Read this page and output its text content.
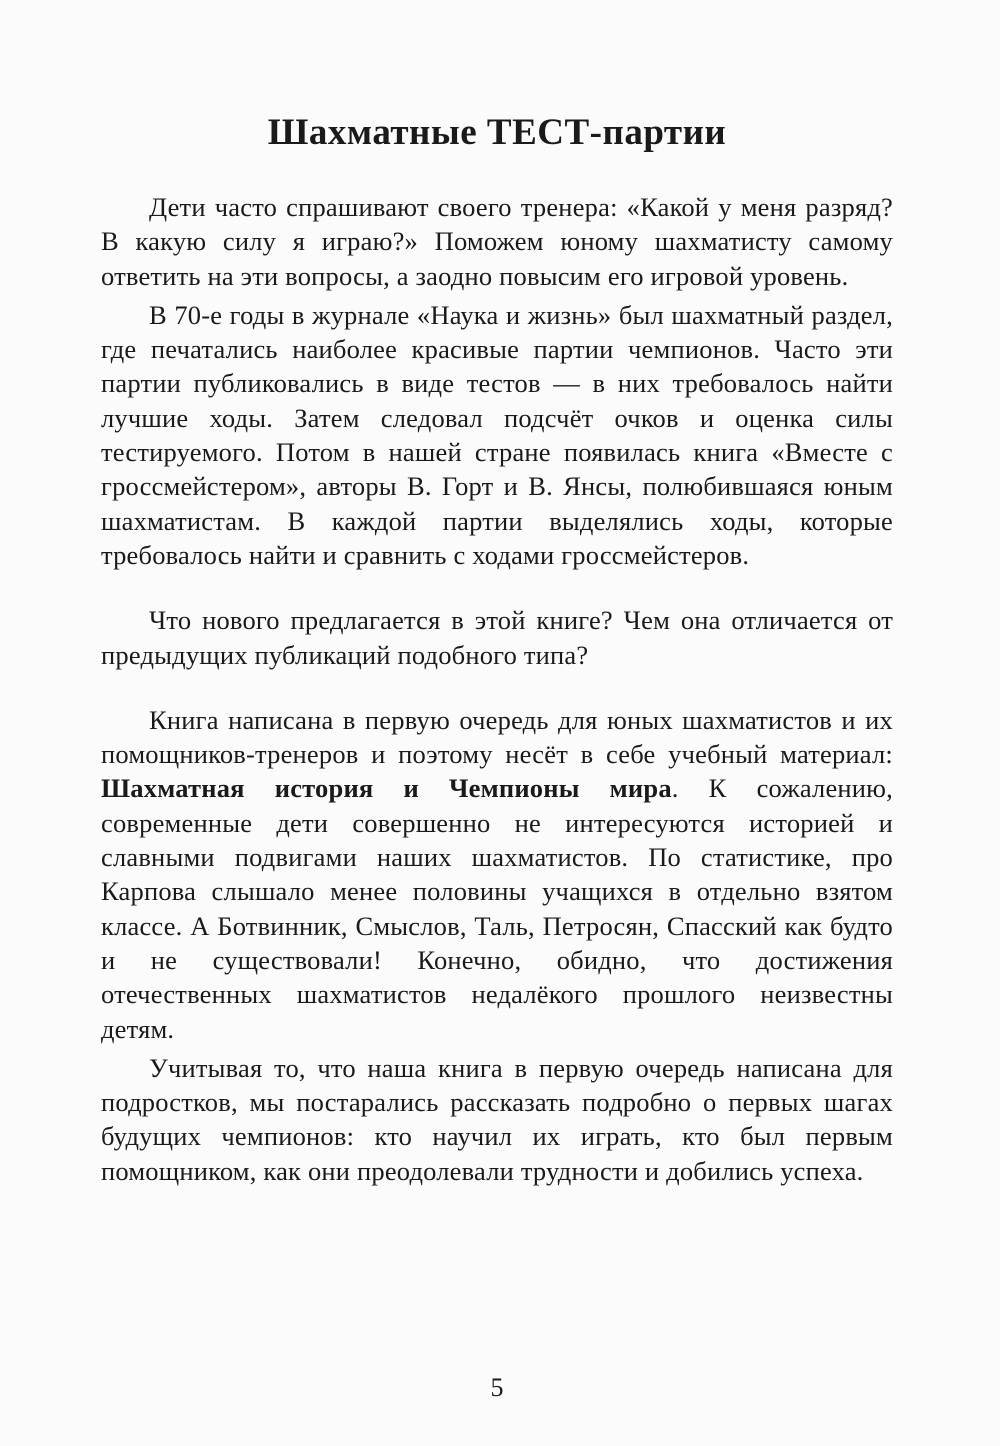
Шахматные ТЕСТ-партии

Дети часто спрашивают своего тренера: «Какой у меня разряд? В какую силу я играю?» Поможем юному шахматисту самому ответить на эти вопросы, а заодно повысим его игровой уровень.

В 70-е годы в журнале «Наука и жизнь» был шахматный раздел, где печатались наиболее красивые партии чемпионов. Часто эти партии публиковались в виде тестов — в них требовалось найти лучшие ходы. Затем следовал подсчёт очков и оценка силы тестируемого. Потом в нашей стране появилась книга «Вместе с гроссмейстером», авторы В. Горт и В. Янсы, полюбившаяся юным шахматистам. В каждой партии выделялись ходы, которые требовалось найти и сравнить с ходами гроссмейстеров.

Что нового предлагается в этой книге? Чем она отличается от предыдущих публикаций подобного типа?

Книга написана в первую очередь для юных шахматистов и их помощников-тренеров и поэтому несёт в себе учебный материал: Шахматная история и Чемпионы мира. К сожалению, современные дети совершенно не интересуются историей и славными подвигами наших шахматистов. По статистике, про Карпова слышало менее половины учащихся в отдельно взятом классе. А Ботвинник, Смыслов, Таль, Петросян, Спасский как будто и не существовали! Конечно, обидно, что достижения отечественных шахматистов недалёкого прошлого неизвестны детям.

Учитывая то, что наша книга в первую очередь написана для подростков, мы постарались рассказать подробно о первых шагах будущих чемпионов: кто научил их играть, кто был первым помощником, как они преодолевали трудности и добились успеха.

5
